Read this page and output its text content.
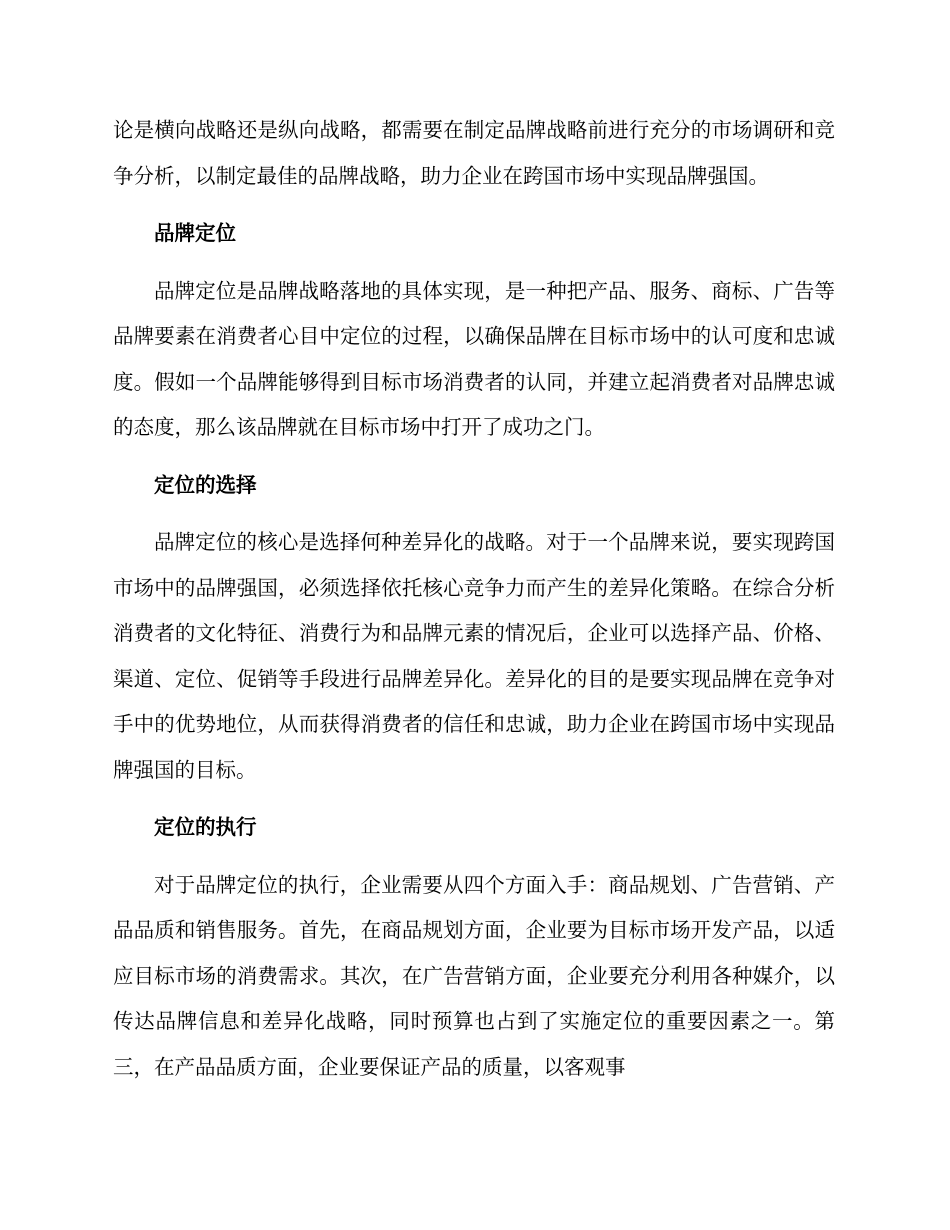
论是横向战略还是纵向战略，都需要在制定品牌战略前进行充分的市场调研和竞争分析，以制定最佳的品牌战略，助力企业在跨国市场中实现品牌强国。

品牌定位

品牌定位是品牌战略落地的具体实现，是一种把产品、服务、商标、广告等品牌要素在消费者心目中定位的过程，以确保品牌在目标市场中的认可度和忠诚度。假如一个品牌能够得到目标市场消费者的认同，并建立起消费者对品牌忠诚的态度，那么该品牌就在目标市场中打开了成功之门。

定位的选择

品牌定位的核心是选择何种差异化的战略。对于一个品牌来说，要实现跨国市场中的品牌强国，必须选择依托核心竞争力而产生的差异化策略。在综合分析消费者的文化特征、消费行为和品牌元素的情况后，企业可以选择产品、价格、渠道、定位、促销等手段进行品牌差异化。差异化的目的是要实现品牌在竞争对手中的优势地位，从而获得消费者的信任和忠诚，助力企业在跨国市场中实现品牌强国的目标。

定位的执行

对于品牌定位的执行，企业需要从四个方面入手：商品规划、广告营销、产品品质和销售服务。首先，在商品规划方面，企业要为目标市场开发产品，以适应目标市场的消费需求。其次，在广告营销方面，企业要充分利用各种媒介，以传达品牌信息和差异化战略，同时预算也占到了实施定位的重要因素之一。第三，在产品品质方面，企业要保证产品的质量，以客观事
